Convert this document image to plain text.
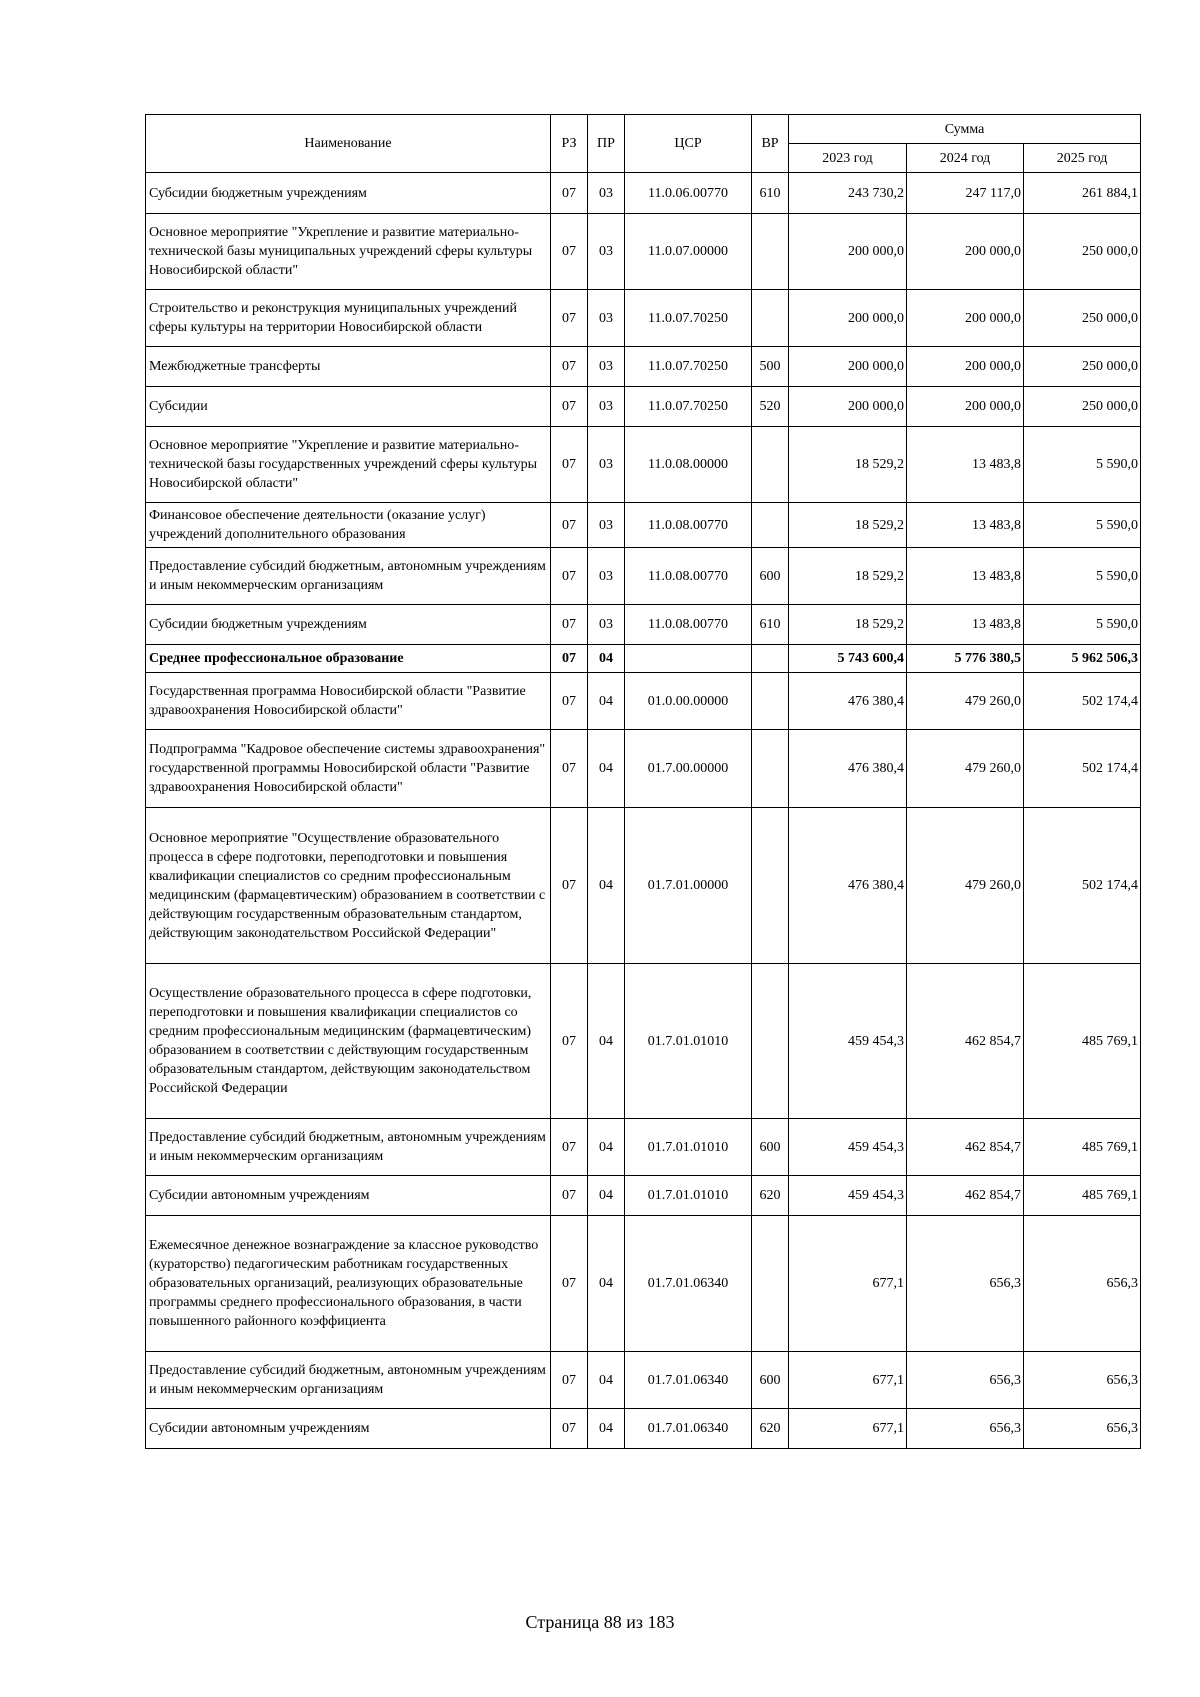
Наименование	РЗ	ПР	ЦСР	ВР	Сумма		
					2023 год	2024 год	2025 год
Субсидии бюджетным учреждениям	07	03	11.0.06.00770	610	243 730,2	247 117,0	261 884,1
Основное мероприятие "Укрепление и развитие материально-технической базы муниципальных учреждений сферы культуры Новосибирской области"	07	03	11.0.07.00000		200 000,0	200 000,0	250 000,0
Строительство и реконструкция муниципальных учреждений сферы культуры на территории Новосибирской области	07	03	11.0.07.70250		200 000,0	200 000,0	250 000,0
Межбюджетные трансферты	07	03	11.0.07.70250	500	200 000,0	200 000,0	250 000,0
Субсидии	07	03	11.0.07.70250	520	200 000,0	200 000,0	250 000,0
Основное мероприятие "Укрепление и развитие материально-технической базы государственных учреждений сферы культуры Новосибирской области"	07	03	11.0.08.00000		18 529,2	13 483,8	5 590,0
Финансовое обеспечение деятельности (оказание услуг) учреждений дополнительного образования	07	03	11.0.08.00770		18 529,2	13 483,8	5 590,0
Предоставление субсидий бюджетным, автономным учреждениям и иным некоммерческим организациям	07	03	11.0.08.00770	600	18 529,2	13 483,8	5 590,0
Субсидии бюджетным учреждениям	07	03	11.0.08.00770	610	18 529,2	13 483,8	5 590,0
Среднее профессиональное образование	07	04			5 743 600,4	5 776 380,5	5 962 506,3
Государственная программа Новосибирской области "Развитие здравоохранения Новосибирской области"	07	04	01.0.00.00000		476 380,4	479 260,0	502 174,4
Подпрограмма "Кадровое обеспечение системы здравоохранения" государственной программы Новосибирской области "Развитие здравоохранения Новосибирской области"	07	04	01.7.00.00000		476 380,4	479 260,0	502 174,4
Основное мероприятие "Осуществление образовательного процесса в сфере подготовки, переподготовки и повышения квалификации специалистов со средним профессиональным медицинским (фармацевтическим) образованием в соответствии с действующим государственным образовательным стандартом, действующим законодательством Российской Федерации"	07	04	01.7.01.00000		476 380,4	479 260,0	502 174,4
Осуществление образовательного процесса в сфере подготовки, переподготовки и повышения квалификации специалистов со средним профессиональным медицинским (фармацевтическим) образованием в соответствии с действующим государственным образовательным стандартом, действующим законодательством Российской Федерации	07	04	01.7.01.01010		459 454,3	462 854,7	485 769,1
Предоставление субсидий бюджетным, автономным учреждениям и иным некоммерческим организациям	07	04	01.7.01.01010	600	459 454,3	462 854,7	485 769,1
Субсидии автономным учреждениям	07	04	01.7.01.01010	620	459 454,3	462 854,7	485 769,1
Ежемесячное денежное вознаграждение за классное руководство (кураторство) педагогическим работникам государственных образовательных организаций, реализующих образовательные программы среднего профессионального образования, в части повышенного районного коэффициента	07	04	01.7.01.06340		677,1	656,3	656,3
Предоставление субсидий бюджетным, автономным учреждениям и иным некоммерческим организациям	07	04	01.7.01.06340	600	677,1	656,3	656,3
Субсидии автономным учреждениям	07	04	01.7.01.06340	620	677,1	656,3	656,3
Страница 88 из 183
